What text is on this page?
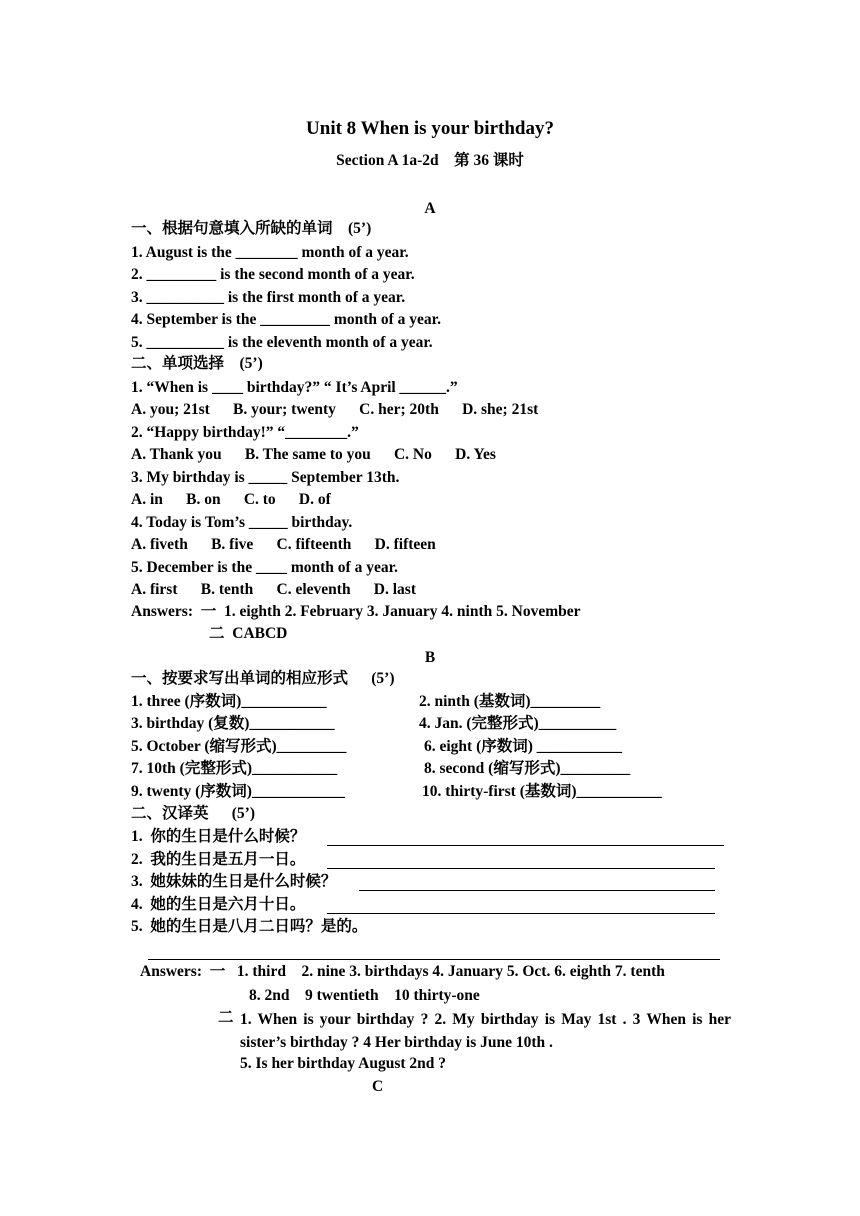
Unit 8 When is your birthday?
Section A 1a-2d    第 36 课时
A
一、根据句意填入所缺的单词    (5’)
1. August is the ________ month of a year.
2. _________ is the second month of a year.
3. __________ is the first month of a year.
4. September is the _________ month of a year.
5. __________ is the eleventh month of a year.
二、单项选择    (5’)
1. “When is ____ birthday?” “ It’s April ______.”
A. you; 21st      B. your; twenty      C. her; 20th      D. she; 21st
2. “Happy birthday!” “________.”
A. Thank you      B. The same to you      C. No      D. Yes
3. My birthday is _____ September 13th.
A. in      B. on      C. to      D. of
4. Today is Tom’s _____ birthday.
A. fiveth      B. five      C. fifteenth      D. fifteen
5. December is the ____ month of a year.
A. first      B. tenth      C. eleventh      D. last
Answers:  一  1. eighth 2. February 3. January 4. ninth 5. November
二  CABCD
B
一、按要求写出单词的相应形式      (5’)
1. three (序数词)___________	2. ninth (基数词)_________
3. birthday (复数)___________	4. Jan. (完整形式)__________
5. October (缩写形式)_________	6. eight (序数词) ___________
7. 10th (完整形式)___________	8. second (缩写形式)_________
9. twenty (序数词)____________	10. thirty-first (基数词)___________
二、汉译英      (5’)
1.  你的生日是什么时候？
2.  我的生日是五月一日。
3.  她妹妹的生日是什么时候？
4.  她的生日是六月十日。
5.  她的生日是八月二日吗？是的。
Answers:  一   1. third    2. nine 3. birthdays 4. January 5. Oct. 6. eighth 7. tenth
8. 2nd    9 twentieth    10 thirty-one
二 1. When is your birthday ? 2. My birthday is May 1st . 3 When is her sister’s birthday ? 4 Her birthday is June 10th .
5. Is her birthday August 2nd ?
C
